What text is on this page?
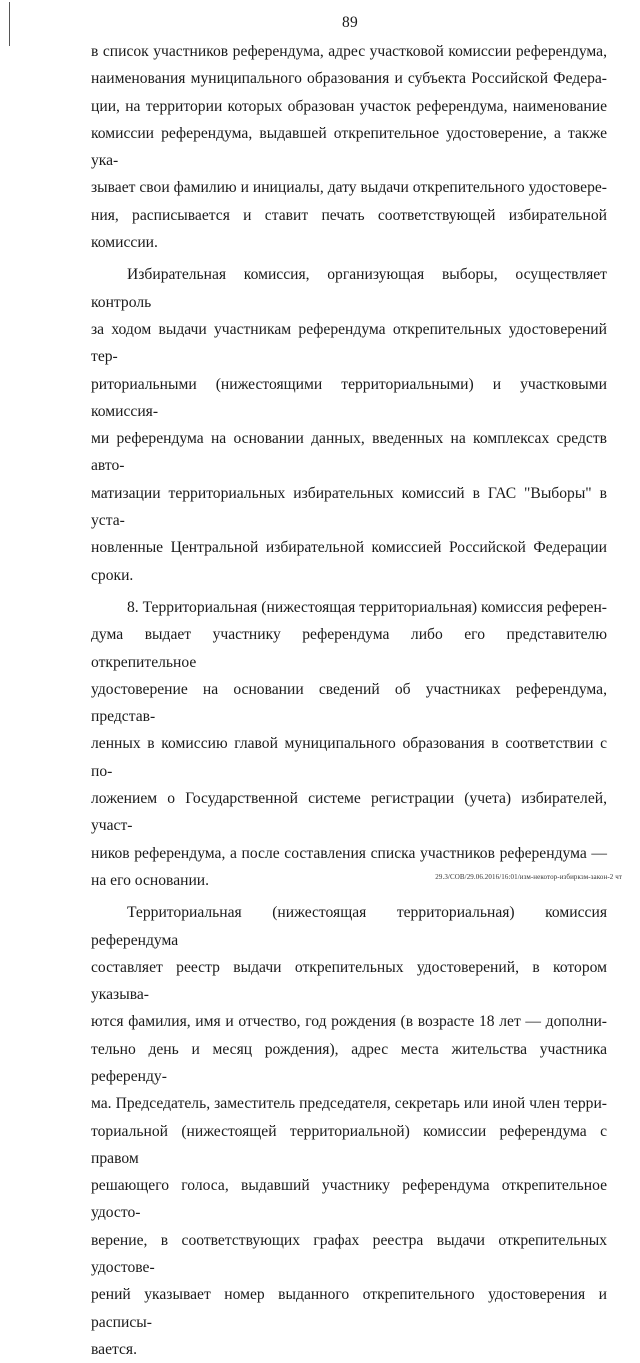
89

в список участников референдума, адрес участковой комиссии референдума,

наименования муниципального образования и субъекта Российской Федера-

ции, на территории которых образован участок референдума, наименование

комиссии референдума, выдавшей открепительное удостоверение, а также ука-

зывает свои фамилию и инициалы, дату выдачи открепительного удостовере-

ния, расписывается и ставит печать соответствующей избирательной комиссии.

Избирательная комиссия, организующая выборы, осуществляет контроль

за ходом выдачи участникам референдума открепительных удостоверений тер-

риториальными (нижестоящими территориальными) и участковыми комиссия-

ми референдума на основании данных, введенных на комплексах средств авто-

матизации территориальных избирательных комиссий в ГАС "Выборы" в уста-

новленные Центральной избирательной комиссией Российской Федерации

сроки.

8. Территориальная (нижестоящая территориальная) комиссия референ-

дума выдает участнику референдума либо его представителю открепительное

удостоверение на основании сведений об участниках референдума, представ-

ленных в комиссию главой муниципального образования в соответствии с по-

ложением о Государственной системе регистрации (учета) избирателей, участ-

ников референдума, а после составления списка участников референдума —

на его основании.

Территориальная (нижестоящая территориальная) комиссия референдума

составляет реестр выдачи открепительных удостоверений, в котором указыва-

ются фамилия, имя и отчество, год рождения (в возрасте 18 лет — дополни-

тельно день и месяц рождения), адрес места жительства участника референду-

ма. Председатель, заместитель председателя, секретарь или иной член терри-

ториальной (нижестоящей территориальной) комиссии референдума с правом

решающего голоса, выдавший участнику референдума открепительное удосто-

верение, в соответствующих графах реестра выдачи открепительных удостове-

рений указывает номер выданного открепительного удостоверения и расписы-

вается.

29.3/СОВ/29.06.2016/16:01/изм-некотор-избиркзм-закон-2 чт
